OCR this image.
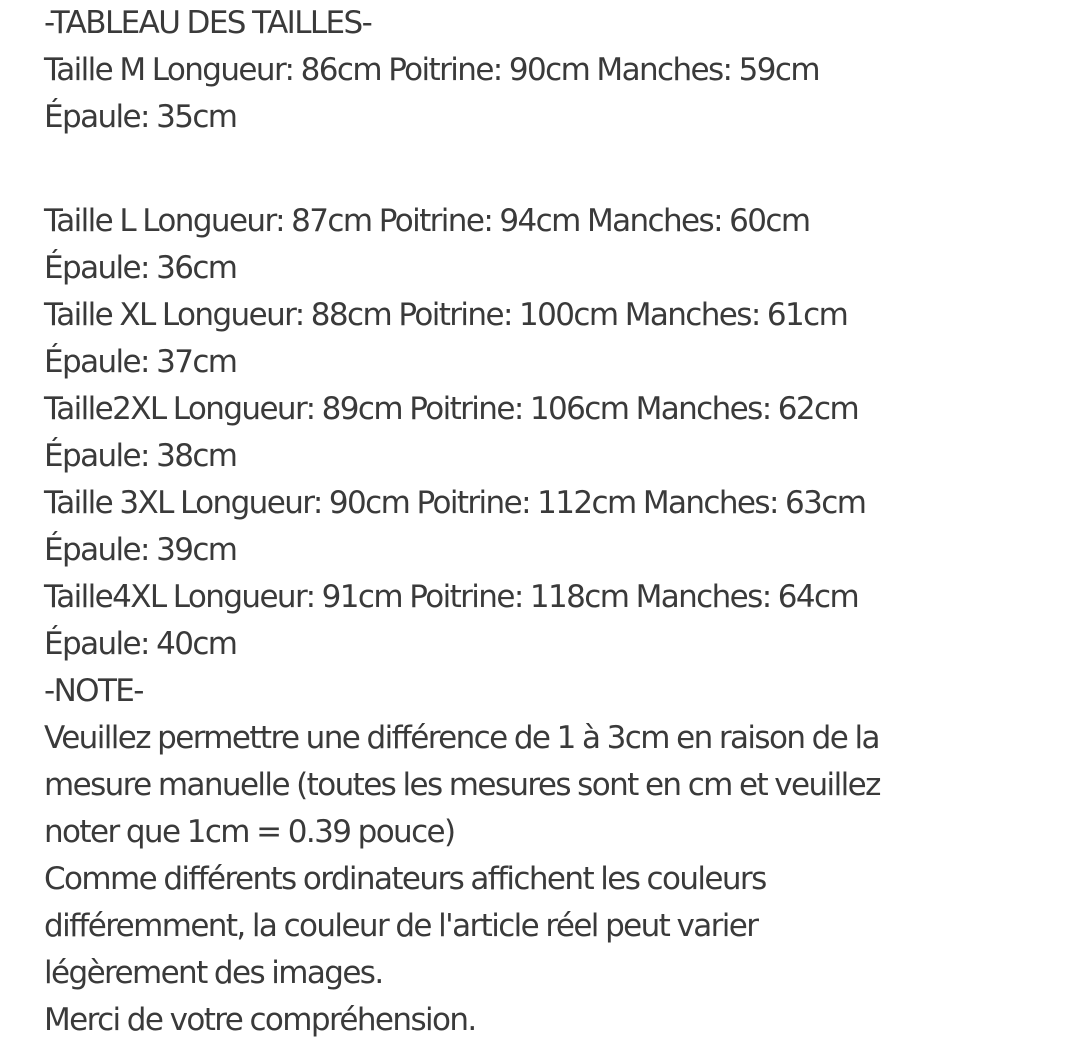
-TABLEAU DES TAILLES-
Taille M Longueur: 86cm Poitrine: 90cm Manches: 59cm
Épaule: 35cm
Taille L Longueur: 87cm Poitrine: 94cm Manches: 60cm
Épaule: 36cm
Taille XL Longueur: 88cm Poitrine: 100cm Manches: 61cm
Épaule: 37cm
Taille2XL Longueur: 89cm Poitrine: 106cm Manches: 62cm
Épaule: 38cm
Taille 3XL Longueur: 90cm Poitrine: 112cm Manches: 63cm
Épaule: 39cm
Taille4XL Longueur: 91cm Poitrine: 118cm Manches: 64cm
Épaule: 40cm
-NOTE-
Veuillez permettre une différence de 1 à 3cm en raison de la
mesure manuelle (toutes les mesures sont en cm et veuillez
noter que 1cm = 0.39 pouce)
Comme différents ordinateurs affichent les couleurs
différemment, la couleur de l'article réel peut varier
légèrement des images.
Merci de votre compréhension.
